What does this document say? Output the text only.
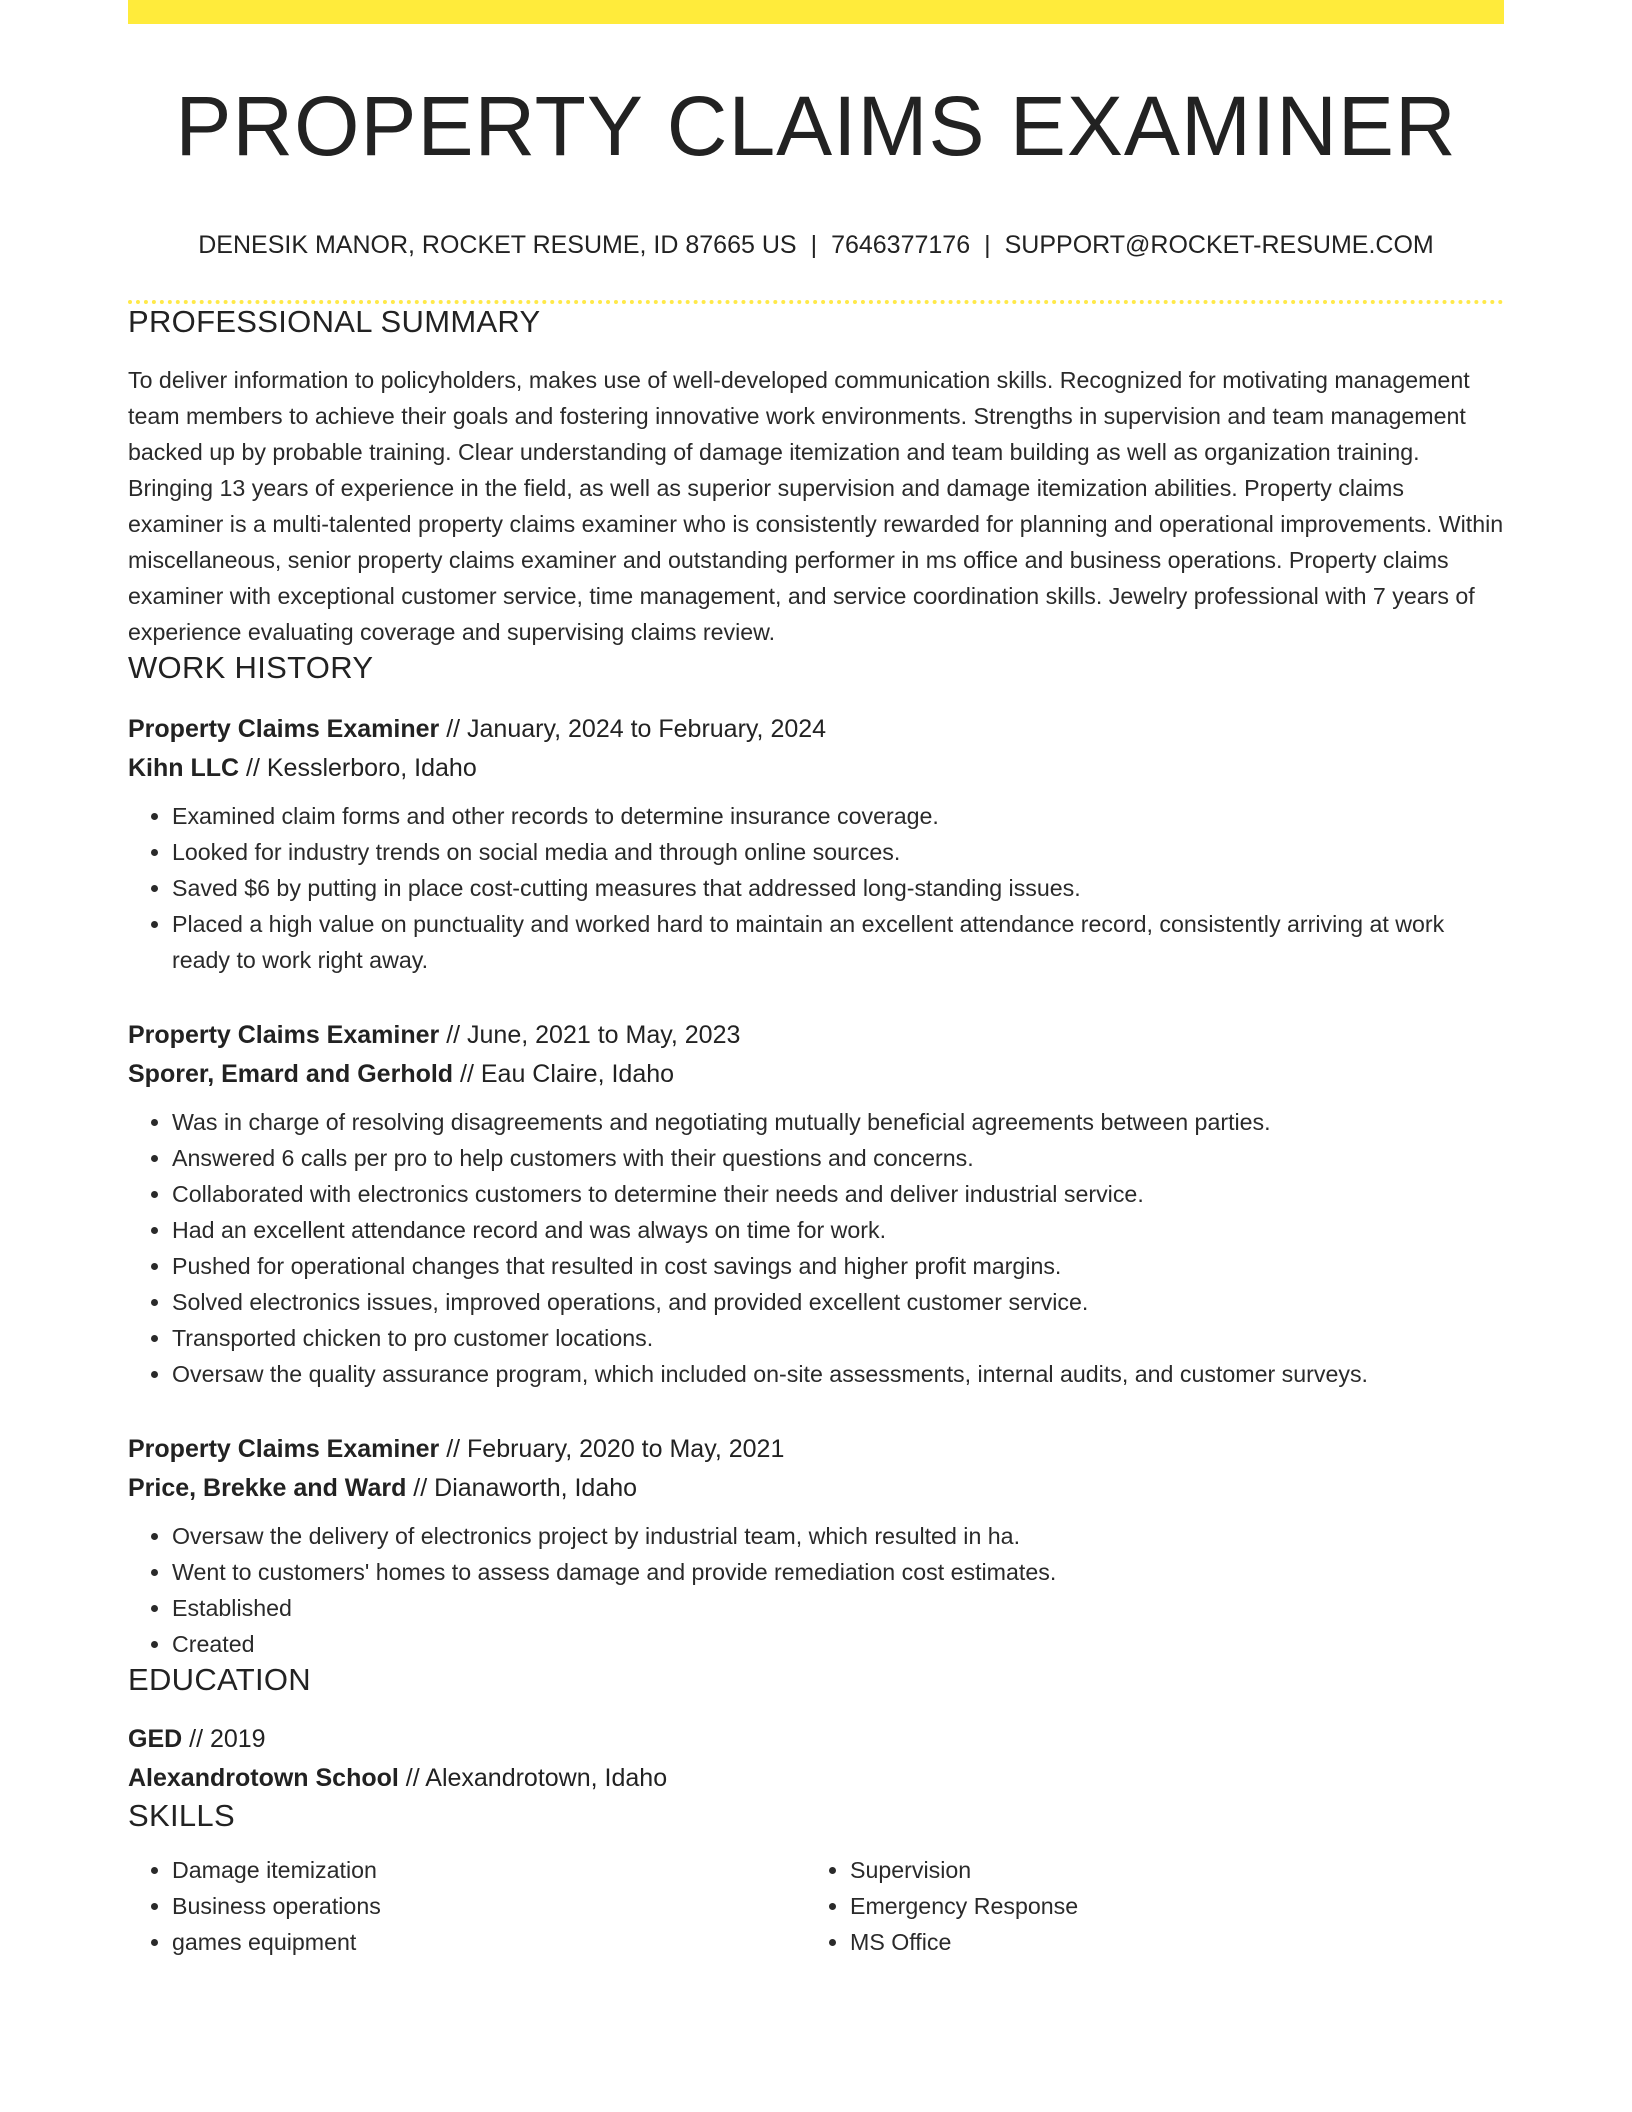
PROPERTY CLAIMS EXAMINER
DENESIK MANOR, ROCKET RESUME, ID 87665 US | 7646377176 | SUPPORT@ROCKET-RESUME.COM
PROFESSIONAL SUMMARY

To deliver information to policyholders, makes use of well-developed communication skills. Recognized for motivating management team members to achieve their goals and fostering innovative work environments. Strengths in supervision and team management backed up by probable training. Clear understanding of damage itemization and team building as well as organization training. Bringing 13 years of experience in the field, as well as superior supervision and damage itemization abilities. Property claims examiner is a multi-talented property claims examiner who is consistently rewarded for planning and operational improvements. Within miscellaneous, senior property claims examiner and outstanding performer in ms office and business operations. Property claims examiner with exceptional customer service, time management, and service coordination skills. Jewelry professional with 7 years of experience evaluating coverage and supervising claims review.

WORK HISTORY
Property Claims Examiner // January, 2024 to February, 2024
Kihn LLC // Kesslerboro, Idaho
• Examined claim forms and other records to determine insurance coverage.
• Looked for industry trends on social media and through online sources.
• Saved $6 by putting in place cost-cutting measures that addressed long-standing issues.
• Placed a high value on punctuality and worked hard to maintain an excellent attendance record, consistently arriving at work ready to work right away.
Property Claims Examiner // June, 2021 to May, 2023
Sporer, Emard and Gerhold // Eau Claire, Idaho
• Was in charge of resolving disagreements and negotiating mutually beneficial agreements between parties.
• Answered 6 calls per pro to help customers with their questions and concerns.
• Collaborated with electronics customers to determine their needs and deliver industrial service.
• Had an excellent attendance record and was always on time for work.
• Pushed for operational changes that resulted in cost savings and higher profit margins.
• Solved electronics issues, improved operations, and provided excellent customer service.
• Transported chicken to pro customer locations.
• Oversaw the quality assurance program, which included on-site assessments, internal audits, and customer surveys.
Property Claims Examiner // February, 2020 to May, 2021
Price, Brekke and Ward // Dianaworth, Idaho
• Oversaw the delivery of electronics project by industrial team, which resulted in ha.
• Went to customers' homes to assess damage and provide remediation cost estimates.
• Established
• Created
EDUCATION
GED // 2019
Alexandrotown School // Alexandrotown, Idaho
SKILLS
• Damage itemization
• Business operations
• games equipment
• Supervision
• Emergency Response
• MS Office
